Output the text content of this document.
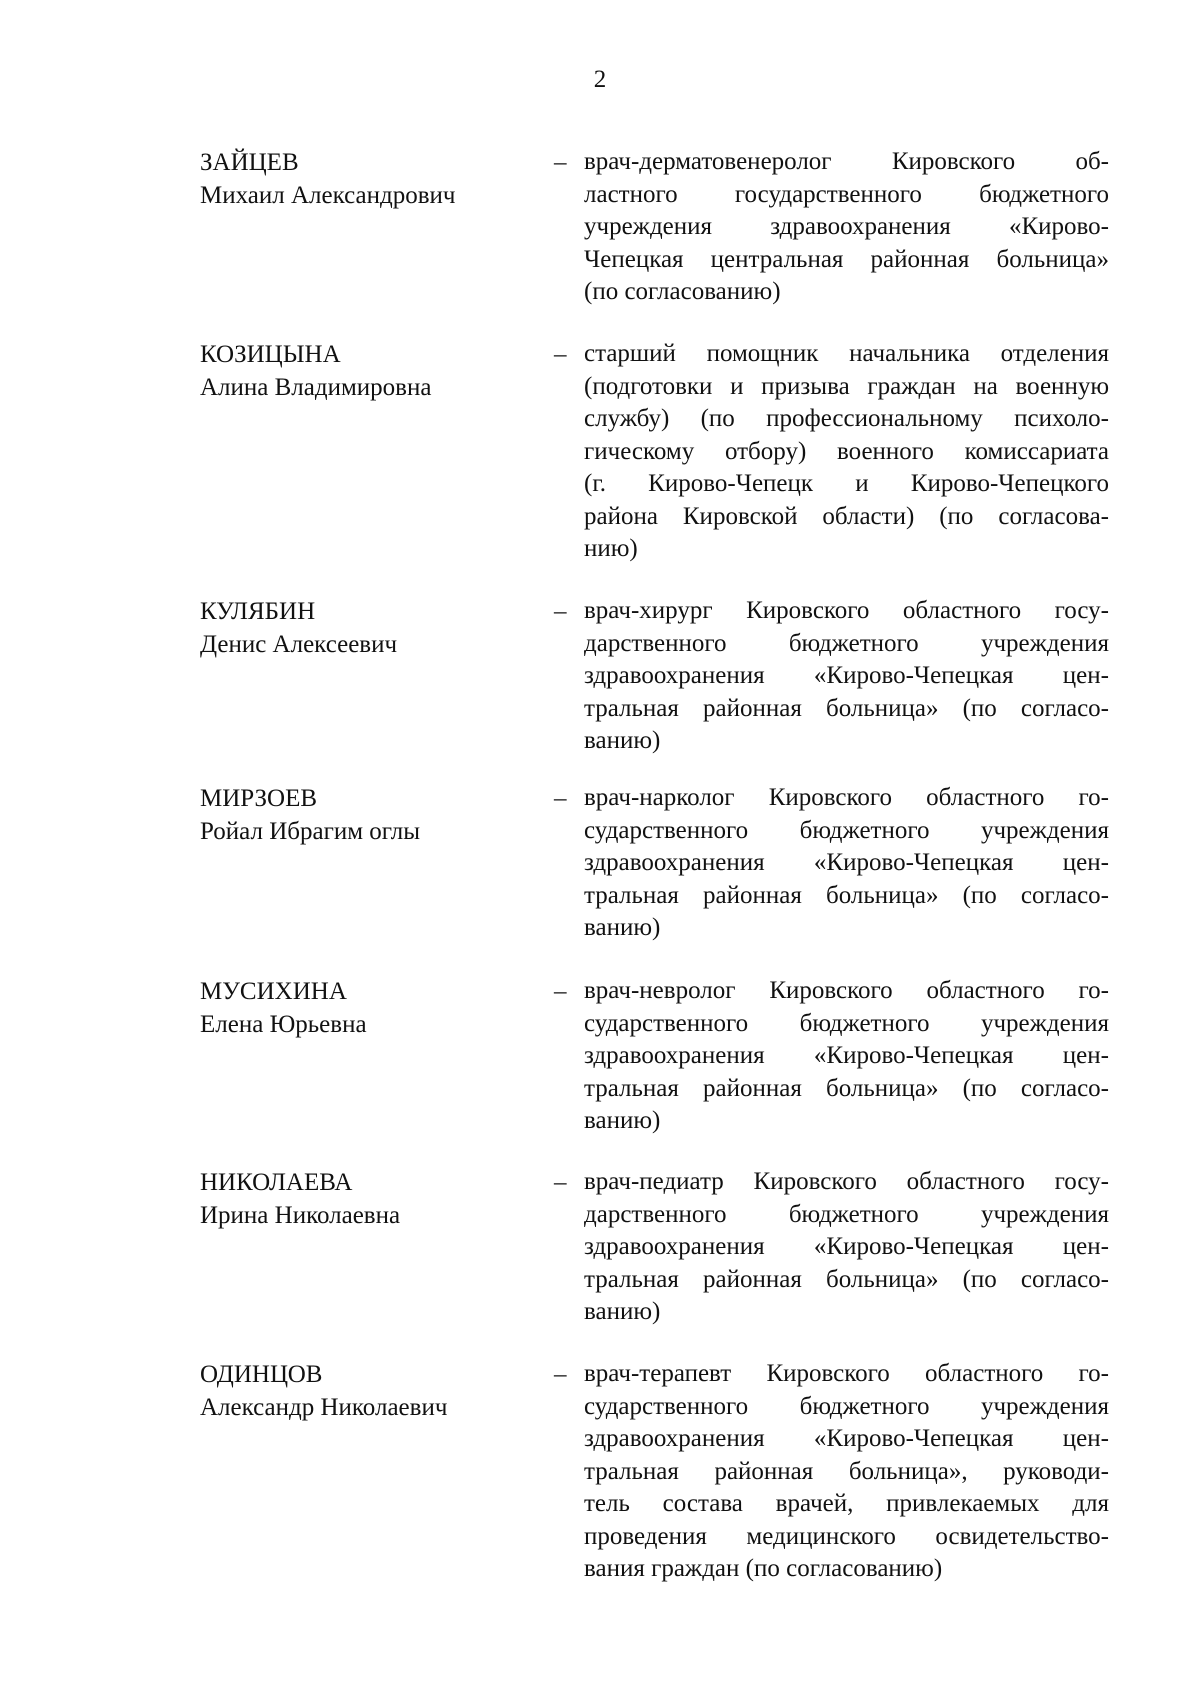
2
ЗАЙЦЕВ
Михаил Александрович
– врач-дерматовенеролог Кировского об-
ластного государственного бюджетного
учреждения здравоохранения «Кирово-
Чепецкая центральная районная больница»
(по согласованию)
КОЗИЦЫНА
Алина Владимировна
– старший помощник начальника отделения
(подготовки и призыва граждан на военную
службу) (по профессиональному психоло-
гическому отбору) военного комиссариата
(г. Кирово-Чепецк и Кирово-Чепецкого
района Кировской области) (по согласова-
нию)
КУЛЯБИН
Денис Алексеевич
– врач-хирург Кировского областного госу-
дарственного бюджетного учреждения
здравоохранения «Кирово-Чепецкая цен-
тральная районная больница» (по согласо-
ванию)
МИРЗОЕВ
Ройал Ибрагим оглы
– врач-нарколог Кировского областного го-
сударственного бюджетного учреждения
здравоохранения «Кирово-Чепецкая цен-
тральная районная больница» (по согласо-
ванию)
МУСИХИНА
Елена Юрьевна
– врач-невролог Кировского областного го-
сударственного бюджетного учреждения
здравоохранения «Кирово-Чепецкая цен-
тральная районная больница» (по согласо-
ванию)
НИКОЛАЕВА
Ирина Николаевна
– врач-педиатр Кировского областного госу-
дарственного бюджетного учреждения
здравоохранения «Кирово-Чепецкая цен-
тральная районная больница» (по согласо-
ванию)
ОДИНЦОВ
Александр Николаевич
– врач-терапевт Кировского областного го-
сударственного бюджетного учреждения
здравоохранения «Кирово-Чепецкая цен-
тральная районная больница», руководи-
тель состава врачей, привлекаемых для
проведения медицинского освидетельство-
вания граждан (по согласованию)
